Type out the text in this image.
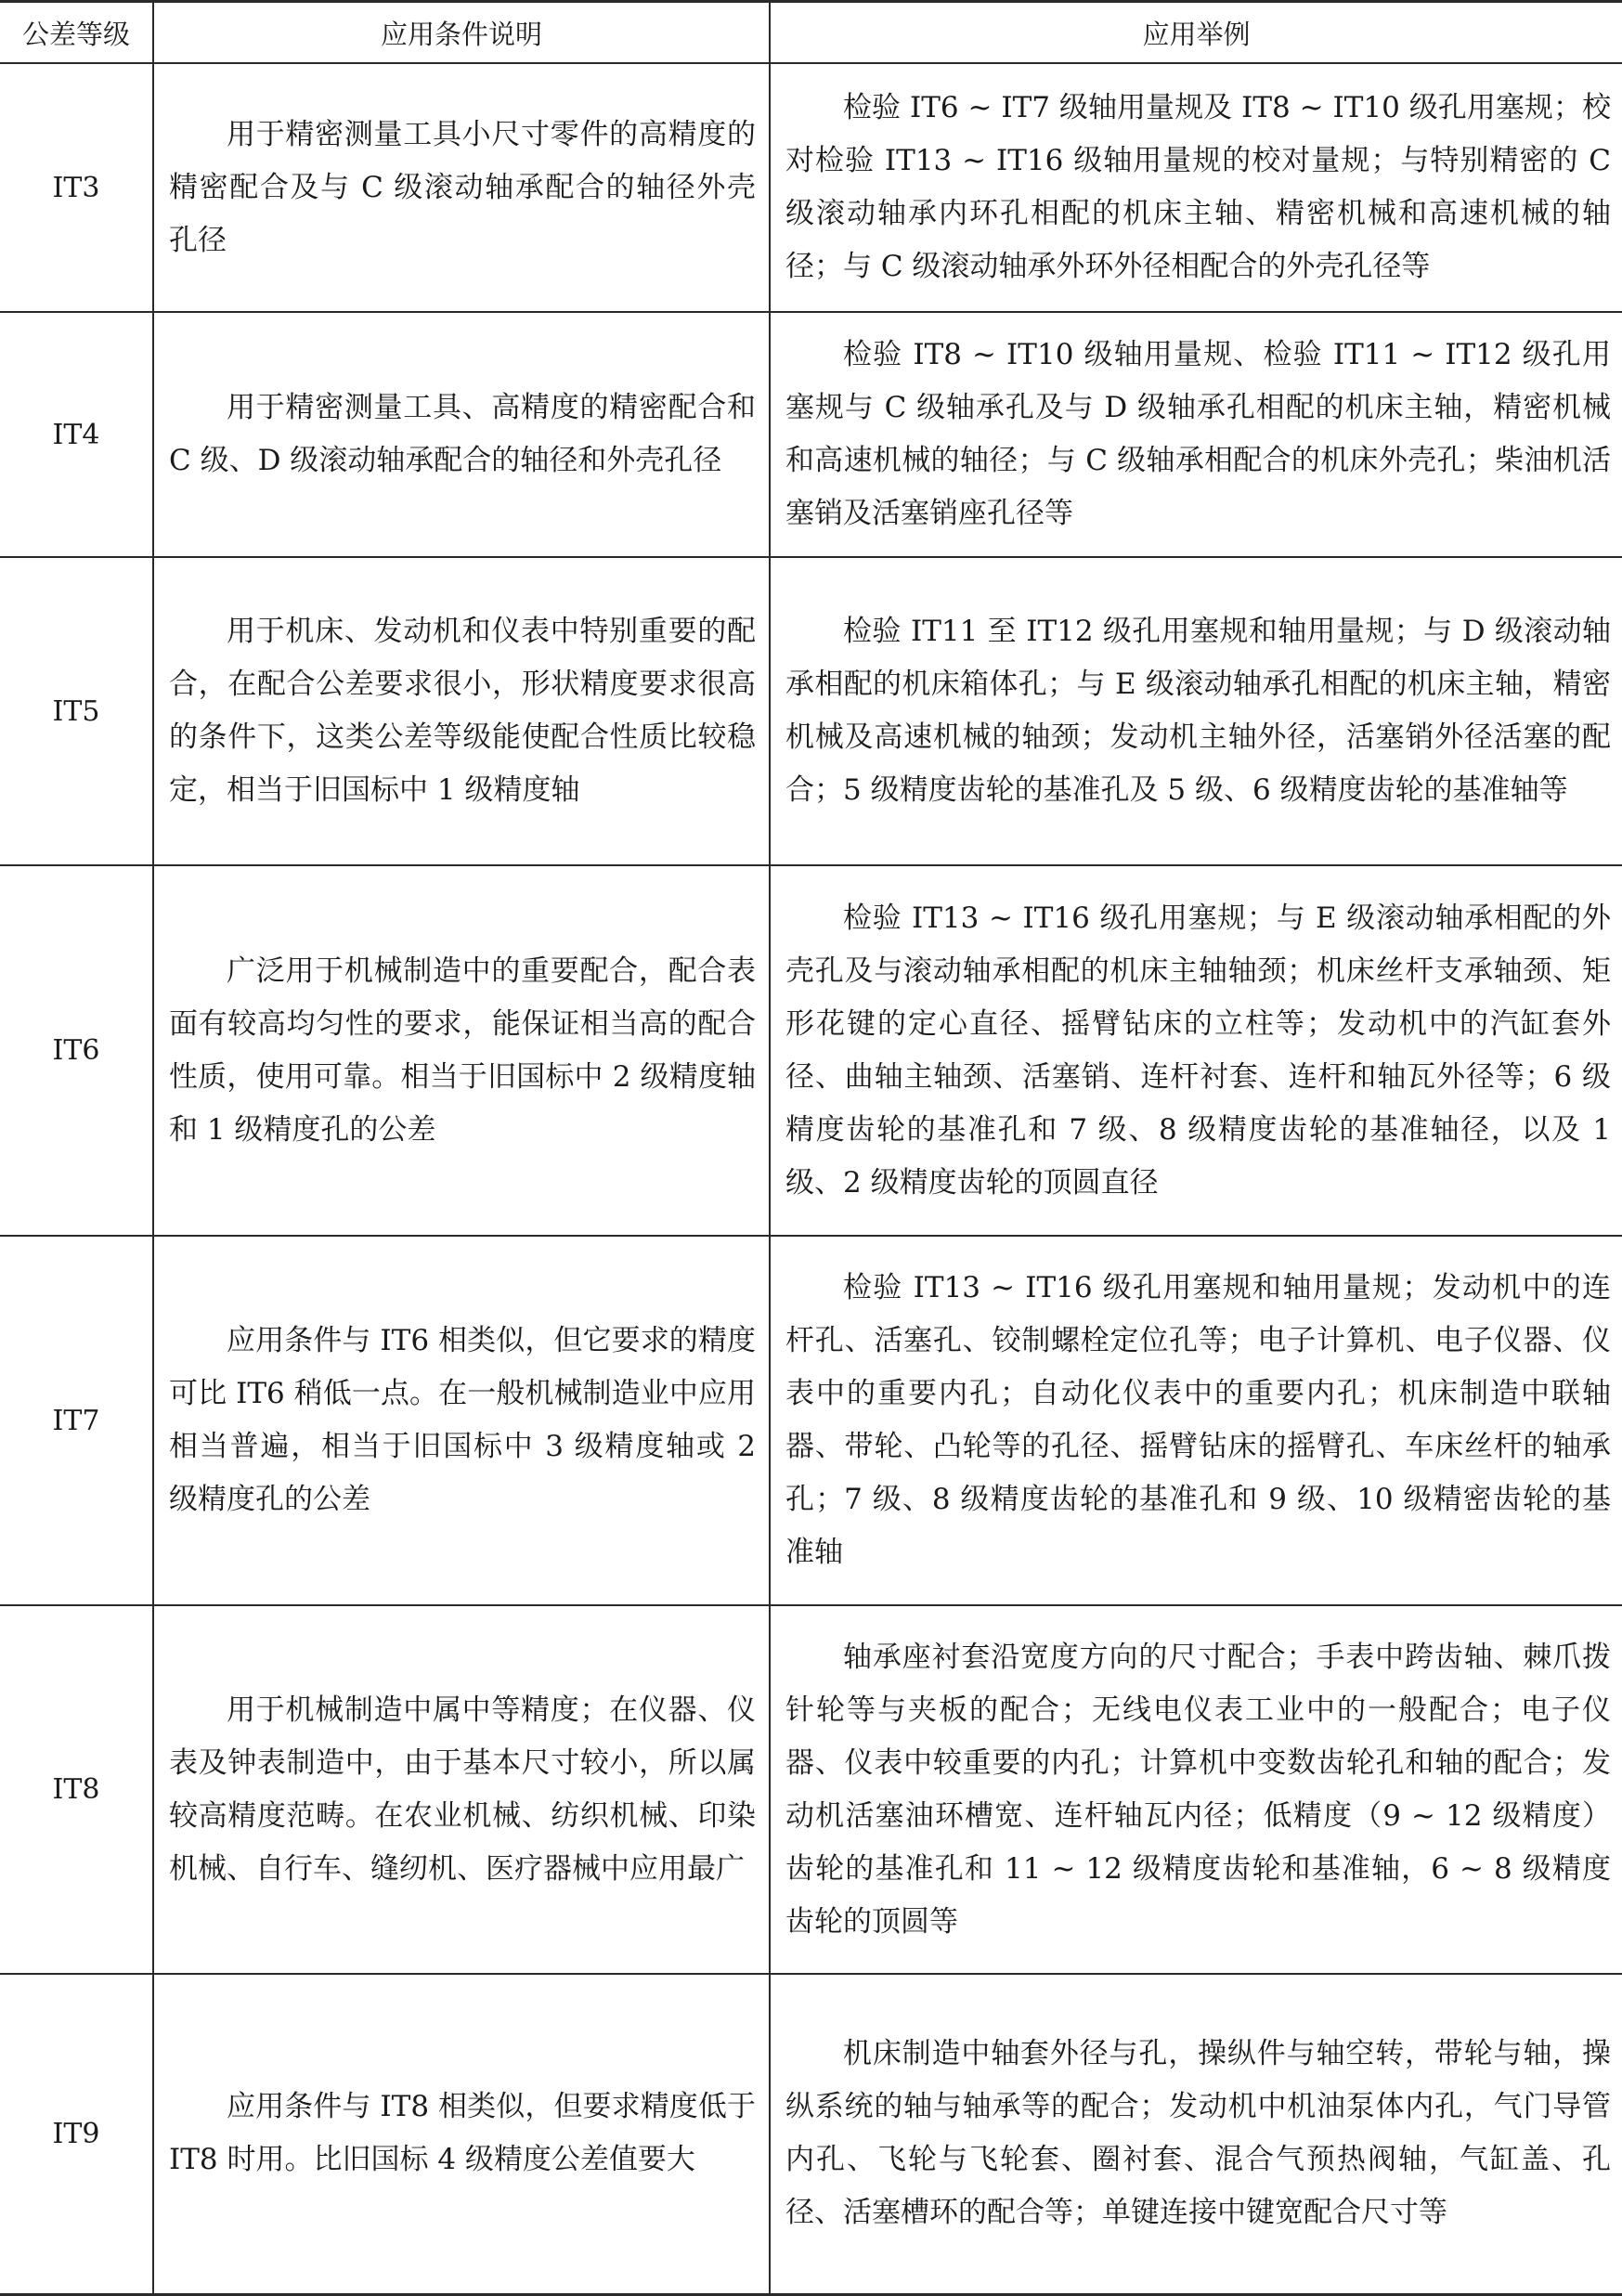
公差等级	应用条件说明	应用举例
IT3	用于精密测量工具小尺寸零件的高精度的精密配合及与 C 级滚动轴承配合的轴径外壳孔径	检验 IT6 ~ IT7 级轴用量规及 IT8 ~ IT10 级孔用塞规；校对检验 IT13 ~ IT16 级轴用量规的校对量规；与特别精密的 C 级滚动轴承内环孔相配的机床主轴、精密机械和高速机械的轴径；与 C 级滚动轴承外环外径相配合的外壳孔径等
IT4	用于精密测量工具、高精度的精密配合和 C 级、D 级滚动轴承配合的轴径和外壳孔径	检验 IT8 ~ IT10 级轴用量规、检验 IT11 ~ IT12 级孔用塞规与 C 级轴承孔及与 D 级轴承孔相配的机床主轴，精密机械和高速机械的轴径；与 C 级轴承相配合的机床外壳孔；柴油机活塞销及活塞销座孔径等
IT5	用于机床、发动机和仪表中特别重要的配合，在配合公差要求很小，形状精度要求很高的条件下，这类公差等级能使配合性质比较稳定，相当于旧国标中 1 级精度轴	检验 IT11 至 IT12 级孔用塞规和轴用量规；与 D 级滚动轴承相配的机床箱体孔；与 E 级滚动轴承孔相配的机床主轴，精密机械及高速机械的轴颈；发动机主轴外径，活塞销外径活塞的配合；5 级精度齿轮的基准孔及 5 级、6 级精度齿轮的基准轴等
IT6	广泛用于机械制造中的重要配合，配合表面有较高均匀性的要求，能保证相当高的配合性质，使用可靠。相当于旧国标中 2 级精度轴和 1 级精度孔的公差	检验 IT13 ~ IT16 级孔用塞规；与 E 级滚动轴承相配的外壳孔及与滚动轴承相配的机床主轴轴颈；机床丝杆支承轴颈、矩形花键的定心直径、摇臂钻床的立柱等；发动机中的汽缸套外径、曲轴主轴颈、活塞销、连杆衬套、连杆和轴瓦外径等；6 级精度齿轮的基准孔和 7 级、8 级精度齿轮的基准轴径，以及 1 级、2 级精度齿轮的顶圆直径
IT7	应用条件与 IT6 相类似，但它要求的精度可比 IT6 稍低一点。在一般机械制造业中应用相当普遍，相当于旧国标中 3 级精度轴或 2 级精度孔的公差	检验 IT13 ~ IT16 级孔用塞规和轴用量规；发动机中的连杆孔、活塞孔、铰制螺栓定位孔等；电子计算机、电子仪器、仪表中的重要内孔；自动化仪表中的重要内孔；机床制造中联轴器、带轮、凸轮等的孔径、摇臂钻床的摇臂孔、车床丝杆的轴承孔；7 级、8 级精度齿轮的基准孔和 9 级、10 级精密齿轮的基准轴
IT8	用于机械制造中属中等精度；在仪器、仪表及钟表制造中，由于基本尺寸较小，所以属较高精度范畴。在农业机械、纺织机械、印染机械、自行车、缝纫机、医疗器械中应用最广	轴承座衬套沿宽度方向的尺寸配合；手表中跨齿轴、棘爪拨针轮等与夹板的配合；无线电仪表工业中的一般配合；电子仪器、仪表中较重要的内孔；计算机中变数齿轮孔和轴的配合；发动机活塞油环槽宽、连杆轴瓦内径；低精度（9 ~ 12 级精度）齿轮的基准孔和 11 ~ 12 级精度齿轮和基准轴，6 ~ 8 级精度齿轮的顶圆等
IT9	应用条件与 IT8 相类似，但要求精度低于 IT8 时用。比旧国标 4 级精度公差值要大	机床制造中轴套外径与孔，操纵件与轴空转，带轮与轴，操纵系统的轴与轴承等的配合；发动机中机油泵体内孔，气门导管内孔、飞轮与飞轮套、圈衬套、混合气预热阀轴，气缸盖、孔径、活塞槽环的配合等；单键连接中键宽配合尺寸等
